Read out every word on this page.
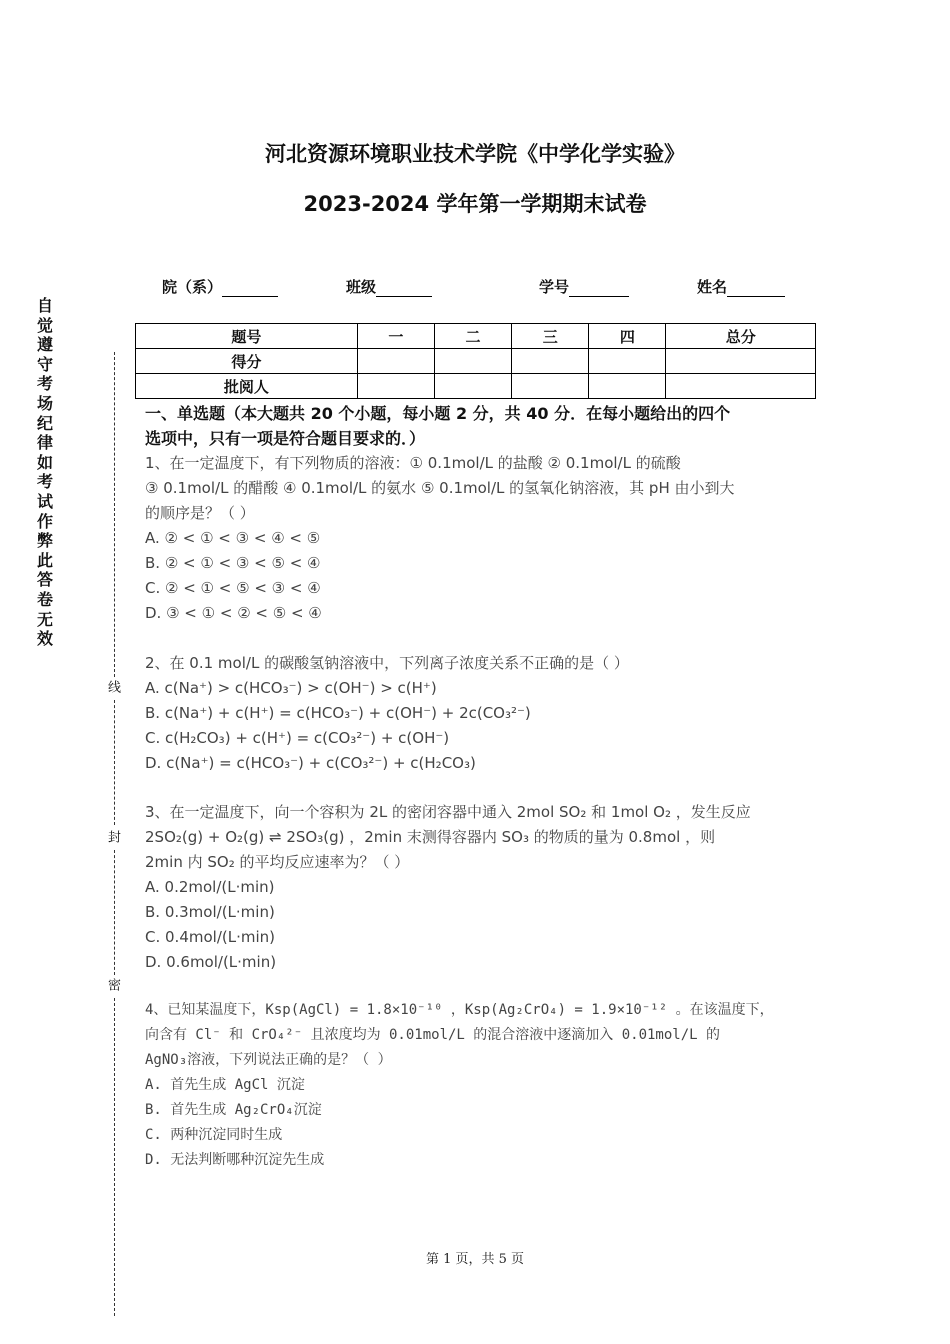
河北资源环境职业技术学院《中学化学实验》
2023-2024 学年第一学期期末试卷
院（系）	班级	学号	姓名
自觉遵守考场纪律如考试作弊此答卷无效
线
封
密
题号	一	二	三	四	总分
得分					
批阅人					
一、单选题（本大题共 20 个小题，每小题 2 分，共 40 分．在每小题给出的四个
选项中，只有一项是符合题目要求的．）
1、在一定温度下，有下列物质的溶液：① 0.1mol/L 的盐酸 ② 0.1mol/L 的硫酸
③ 0.1mol/L 的醋酸 ④ 0.1mol/L 的氨水 ⑤ 0.1mol/L 的氢氧化钠溶液，其 pH 由小到大
的顺序是？（ ）
A. ② < ① < ③ < ④ < ⑤
B. ② < ① < ③ < ⑤ < ④
C. ② < ① < ⑤ < ③ < ④
D. ③ < ① < ② < ⑤ < ④
2、在 0.1 mol/L 的碳酸氢钠溶液中，下列离子浓度关系不正确的是（ ）
A. c(Na⁺) > c(HCO₃⁻) > c(OH⁻) > c(H⁺)
B. c(Na⁺) + c(H⁺) = c(HCO₃⁻) + c(OH⁻) + 2c(CO₃²⁻)
C. c(H₂CO₃) + c(H⁺) = c(CO₃²⁻) + c(OH⁻)
D. c(Na⁺) = c(HCO₃⁻) + c(CO₃²⁻) + c(H₂CO₃)
3、在一定温度下，向一个容积为 2L 的密闭容器中通入 2mol SO₂ 和 1mol O₂ ，发生反应
2SO₂(g) + O₂(g) ⇌ 2SO₃(g) ，2min 末测得容器内 SO₃ 的物质的量为 0.8mol ，则
2min 内 SO₂ 的平均反应速率为？（ ）
A. 0.2mol/(L·min)
B. 0.3mol/(L·min)
C. 0.4mol/(L·min)
D. 0.6mol/(L·min)
4、已知某温度下，Ksp(AgCl) = 1.8×10⁻¹⁰ ，Ksp(Ag₂CrO₄) = 1.9×10⁻¹² 。在该温度下，
向含有 Cl⁻ 和 CrO₄²⁻ 且浓度均为 0.01mol/L 的混合溶液中逐滴加入 0.01mol/L 的
AgNO₃溶液，下列说法正确的是？（ ）
A. 首先生成 AgCl 沉淀
B. 首先生成 Ag₂CrO₄沉淀
C. 两种沉淀同时生成
D. 无法判断哪种沉淀先生成
第 1 页，共 5 页
